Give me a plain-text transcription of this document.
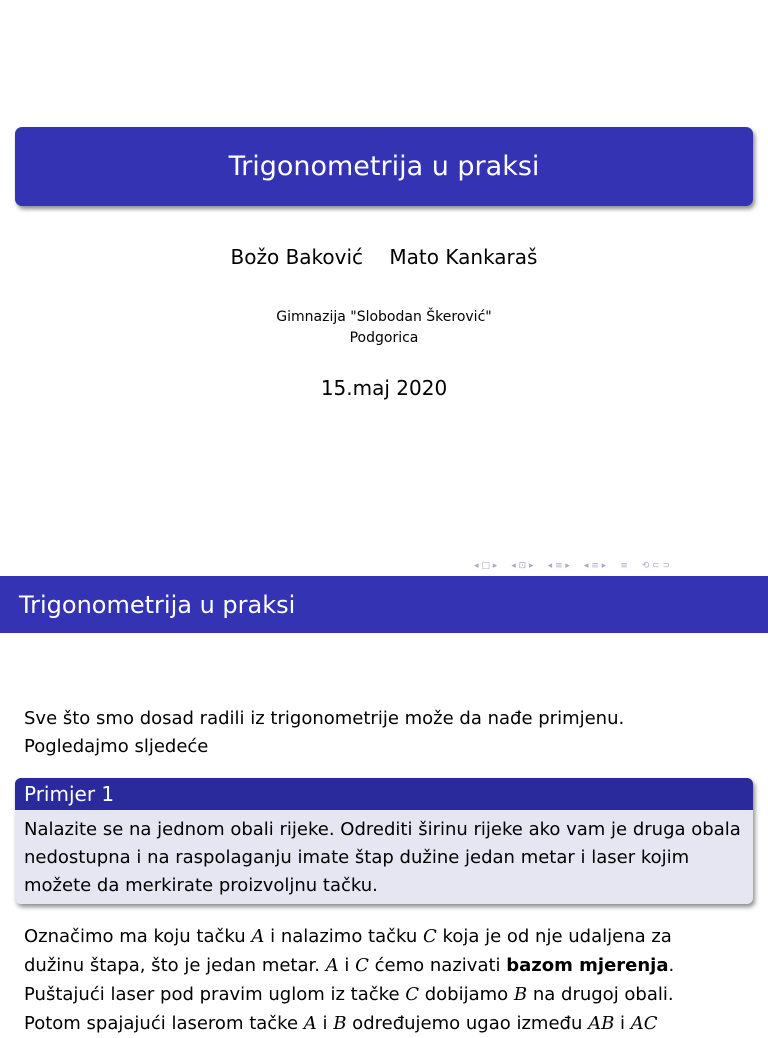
Trigonometrija u praksi
Božo Baković Mato Kankaraš
Gimnazija "Slobodan Škerović"
Podgorica
15.maj 2020
◂ □ ▸ ◂ ⊡ ▸ ◂ ≡ ▸ ◂ ≡ ▸ ≡ ⟲ ⊂ ⊃
Trigonometrija u praksi
Sve što smo dosad radili iz trigonometrije može da nađe primjenu.
Pogledajmo sljedeće
Primjer 1
Nalazite se na jednom obali rijeke. Odrediti širinu rijeke ako vam je druga obala nedostupna i na raspolaganju imate štap dužine jedan metar i laser kojim možete da merkirate proizvoljnu tačku.

Označimo ma koju tačku A i nalazimo tačku C koja je od nje udaljena za

dužinu štapa, što je jedan metar. A i C ćemo nazivati bazom mjerenja.

Puštajući laser pod pravim uglom iz tačke C dobijamo B na drugoj obali.

Potom spajajući laserom tačke A i B određujemo ugao između AB i AC
